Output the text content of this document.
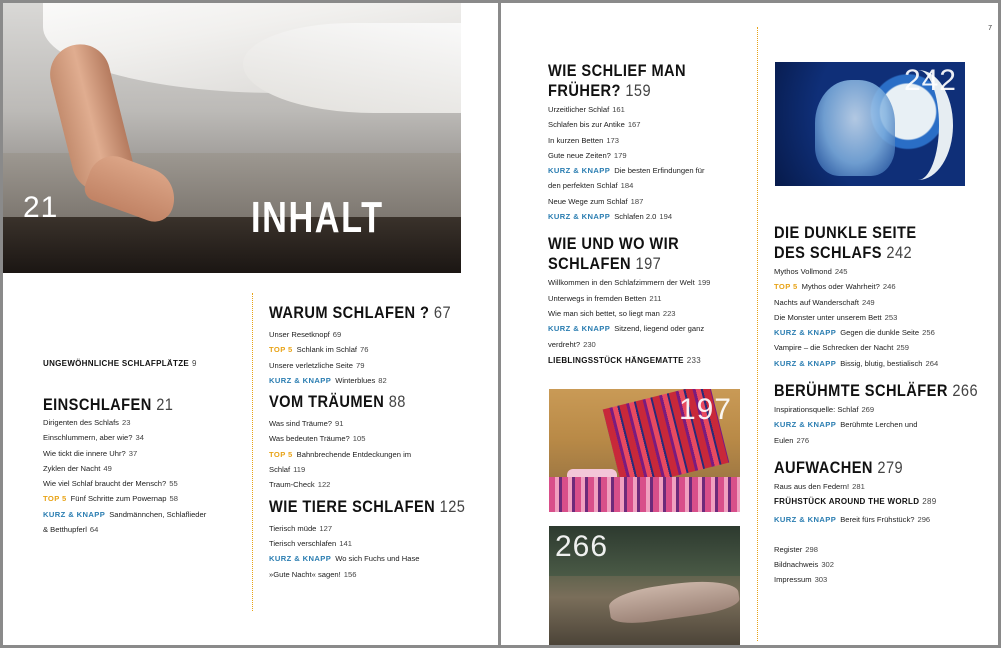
21	INHALT
UNGEWÖHNLICHE SCHLAFPLÄTZE 9
EINSCHLAFEN 21
Dirigenten des Schlafs 23
Einschlummern, aber wie? 34
Wie tickt die innere Uhr? 37
Zyklen der Nacht 49
Wie viel Schlaf braucht der Mensch? 55
TOP 5 Fünf Schritte zum Powernap 58
KURZ & KNAPP Sandmännchen, Schlaflieder
& Betthupferl 64
WARUM SCHLAFEN ? 67
Unser Resetknopf 69
TOP 5 Schlank im Schlaf 76
Unsere verletzliche Seite 79
KURZ & KNAPP Winterblues 82
VOM TRÄUMEN 88
Was sind Träume? 91
Was bedeuten Träume? 105
TOP 5 Bahnbrechende Entdeckungen im
Schlaf 119
Traum-Check 122
WIE TIERE SCHLAFEN 125
Tierisch müde 127
Tierisch verschlafen 141
KURZ & KNAPP Wo sich Fuchs und Hase
»Gute Nacht« sagen! 156
7
WIE SCHLIEF MAN
FRÜHER? 159
Urzeitlicher Schlaf 161
Schlafen bis zur Antike 167
In kurzen Betten 173
Gute neue Zeiten? 179
KURZ & KNAPP Die besten Erfindungen für
den perfekten Schlaf 184
Neue Wege zum Schlaf 187
KURZ & KNAPP Schlafen 2.0 194
WIE UND WO WIR
SCHLAFEN 197
Willkommen in den Schlafzimmern der Welt 199
Unterwegs in fremden Betten 211
Wie man sich bettet, so liegt man 223
KURZ & KNAPP Sitzend, liegend oder ganz
verdreht? 230
LIEBLINGSSTÜCK HÄNGEMATTE 233
197
266
242
DIE DUNKLE SEITE
DES SCHLAFS 242
Mythos Vollmond 245
TOP 5 Mythos oder Wahrheit? 246
Nachts auf Wanderschaft 249
Die Monster unter unserem Bett 253
KURZ & KNAPP Gegen die dunkle Seite 256
Vampire – die Schrecken der Nacht 259
KURZ & KNAPP Bissig, blutig, bestialisch 264
BERÜHMTE SCHLÄFER 266
Inspirationsquelle: Schlaf 269
KURZ & KNAPP Berühmte Lerchen und
Eulen 276
AUFWACHEN 279
Raus aus den Federn! 281
FRÜHSTÜCK AROUND THE WORLD 289
KURZ & KNAPP Bereit fürs Frühstück? 296
Register 298
Bildnachweis 302
Impressum 303
